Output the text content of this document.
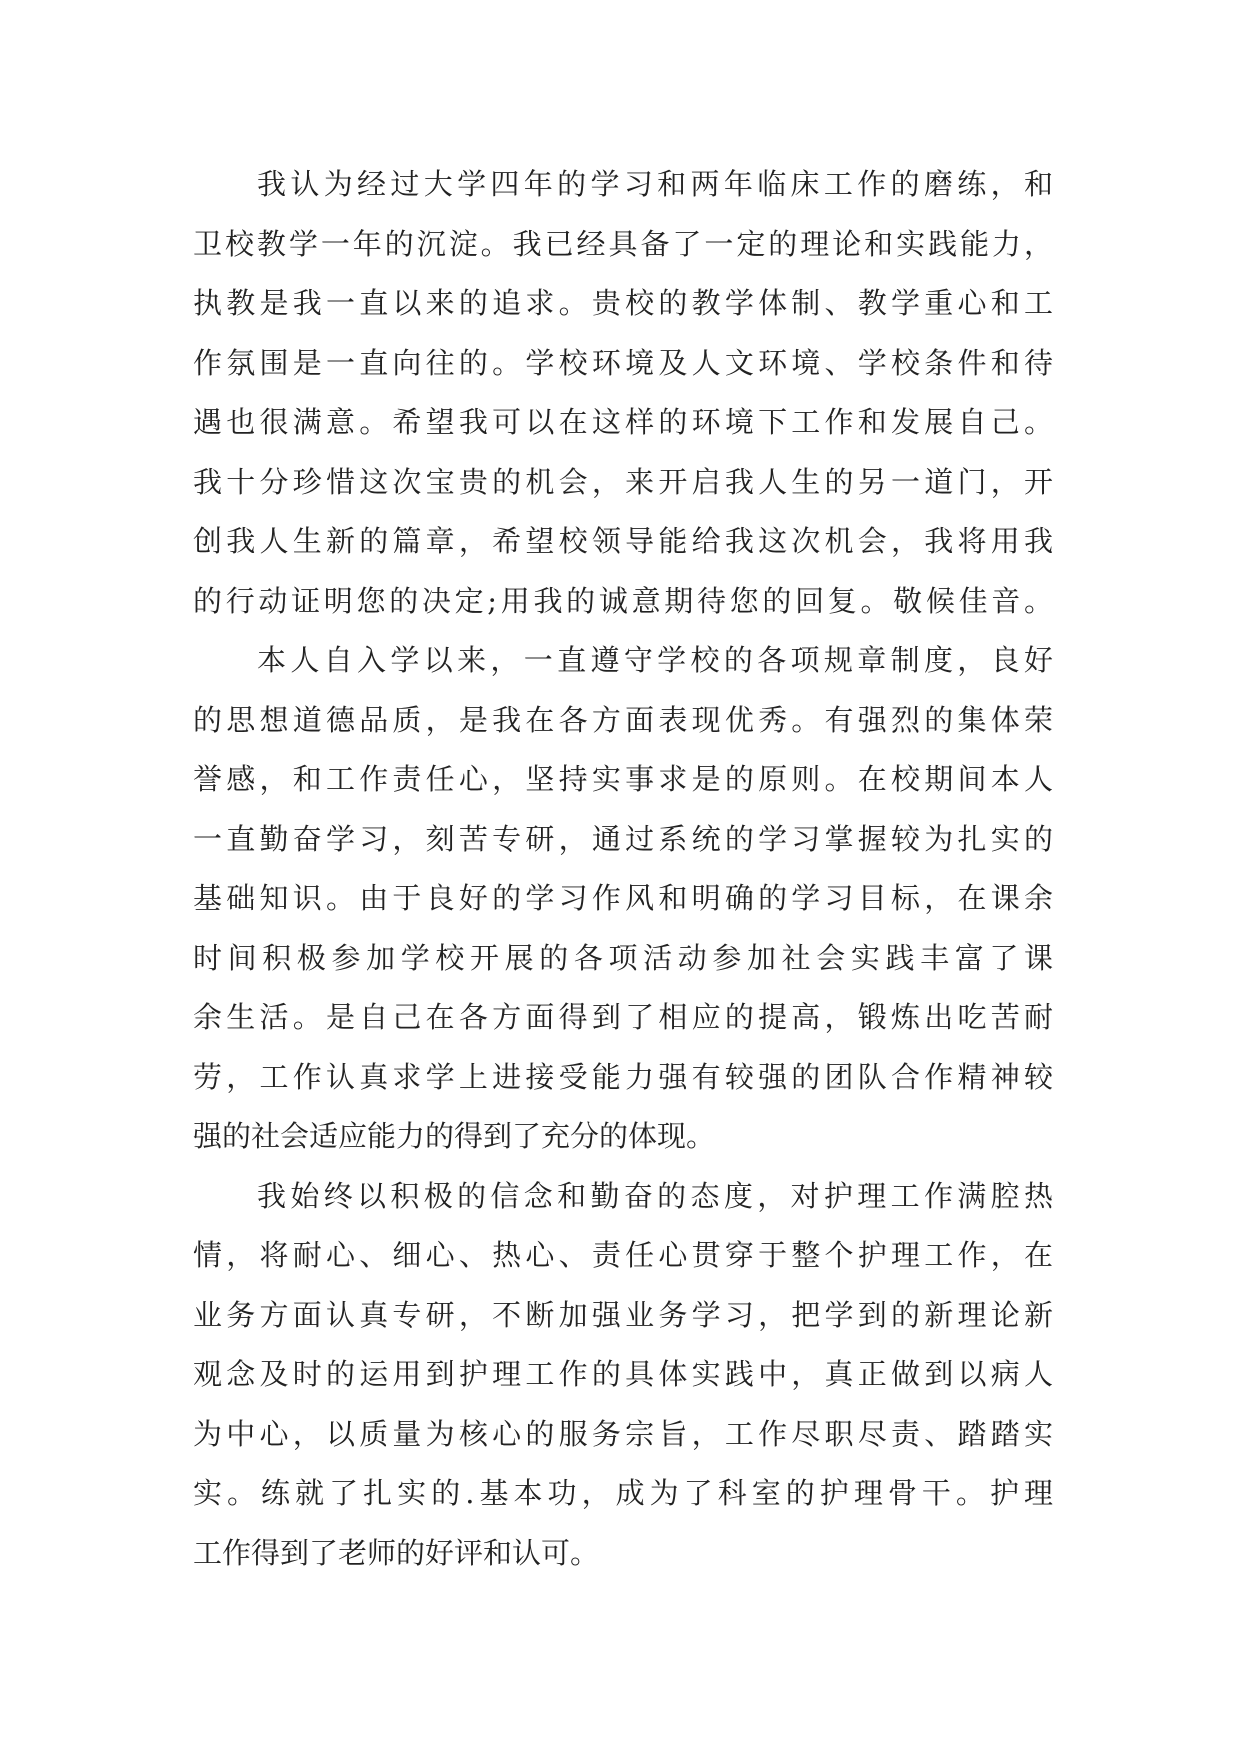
我认为经过大学四年的学习和两年临床工作的磨练，和
卫校教学一年的沉淀。我已经具备了一定的理论和实践能力，
执教是我一直以来的追求。贵校的教学体制、教学重心和工
作氛围是一直向往的。学校环境及人文环境、学校条件和待
遇也很满意。希望我可以在这样的环境下工作和发展自己。
我十分珍惜这次宝贵的机会，来开启我人生的另一道门，开
创我人生新的篇章，希望校领导能给我这次机会，我将用我
的行动证明您的决定;用我的诚意期待您的回复。敬候佳音。
本人自入学以来，一直遵守学校的各项规章制度，良好
的思想道德品质，是我在各方面表现优秀。有强烈的集体荣
誉感，和工作责任心，坚持实事求是的原则。在校期间本人
一直勤奋学习，刻苦专研，通过系统的学习掌握较为扎实的
基础知识。由于良好的学习作风和明确的学习目标，在课余
时间积极参加学校开展的各项活动参加社会实践丰富了课
余生活。是自己在各方面得到了相应的提高，锻炼出吃苦耐
劳，工作认真求学上进接受能力强有较强的团队合作精神较
强的社会适应能力的得到了充分的体现。
我始终以积极的信念和勤奋的态度，对护理工作满腔热
情，将耐心、细心、热心、责任心贯穿于整个护理工作，在
业务方面认真专研，不断加强业务学习，把学到的新理论新
观念及时的运用到护理工作的具体实践中，真正做到以病人
为中心，以质量为核心的服务宗旨，工作尽职尽责、踏踏实
实。练就了扎实的.基本功，成为了科室的护理骨干。护理
工作得到了老师的好评和认可。
